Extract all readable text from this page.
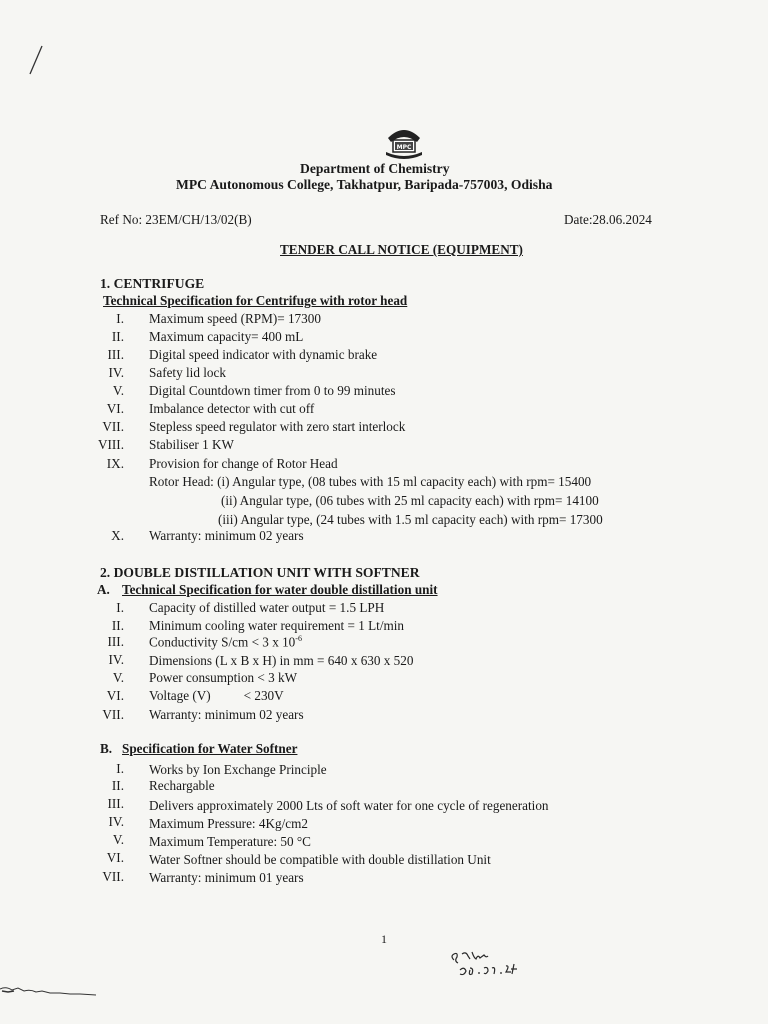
MPC
Department of Chemistry
MPC Autonomous College, Takhatpur, Baripada-757003, Odisha
Ref No: 23EM/CH/13/02(B)	Date:28.06.2024
TENDER CALL NOTICE (EQUIPMENT)
1. CENTRIFUGE
Technical Specification for Centrifuge with rotor head
I. Maximum speed (RPM)= 17300
II. Maximum capacity= 400 mL
III. Digital speed indicator with dynamic brake
IV. Safety lid lock
V. Digital Countdown timer from 0 to 99 minutes
VI. Imbalance detector with cut off
VII. Stepless speed regulator with zero start interlock
VIII. Stabiliser 1 KW
IX. Provision for change of Rotor Head
Rotor Head: (i) Angular type, (08 tubes with 15 ml capacity each) with rpm= 15400
(ii) Angular type, (06 tubes with 25 ml capacity each) with rpm= 14100
(iii) Angular type, (24 tubes with 1.5 ml capacity each) with rpm= 17300
X. Warranty: minimum 02 years
2. DOUBLE DISTILLATION UNIT WITH SOFTNER
A. Technical Specification for water double distillation unit
I. Capacity of distilled water output = 1.5 LPH
II. Minimum cooling water requirement = 1 Lt/min
III. Conductivity S/cm < 3 x $10^{-6}$
IV. Dimensions (L x B x H) in mm = 640 x 630 x 520
V. Power consumption < 3 kW
VI. Voltage (V)          < 230V
VII. Warranty: minimum 02 years
B. Specification for Water Softner
I. Works by Ion Exchange Principle
II. Rechargable
III. Delivers approximately 2000 Lts of soft water for one cycle of regeneration
IV. Maximum Pressure: 4Kg/cm2
V. Maximum Temperature: 50 °C
VI. Water Softner should be compatible with double distillation Unit
VII. Warranty: minimum 01 years
1
